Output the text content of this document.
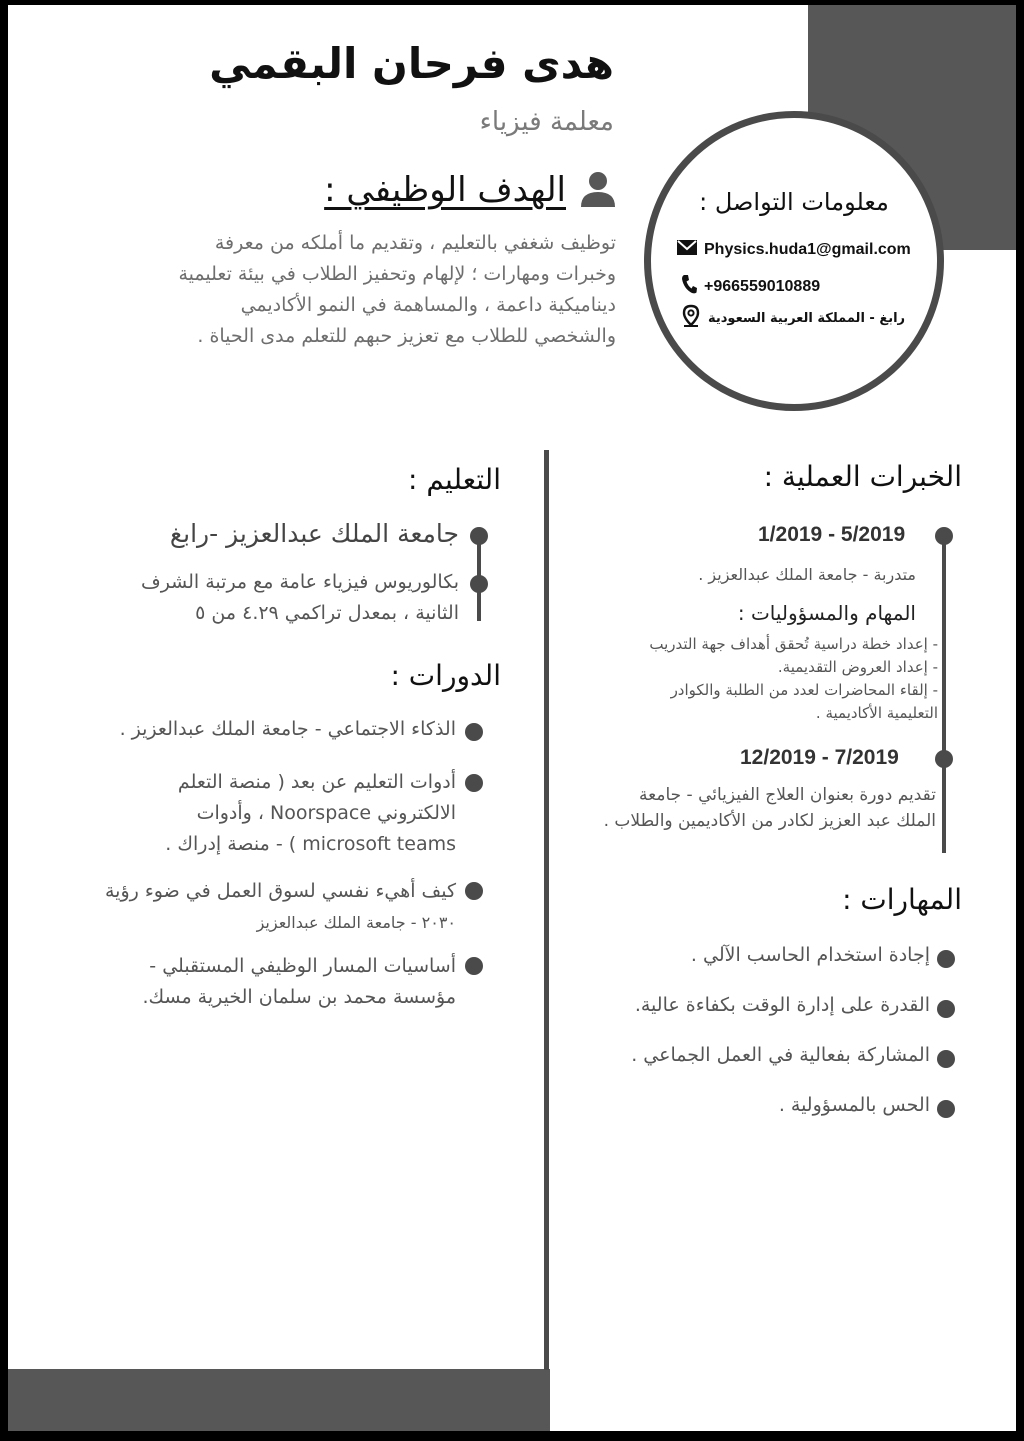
هدى فرحان البقمي
معلمة فيزياء
الهدف الوظيفي :
توظيف شغفي بالتعليم ، وتقديم ما أملكه من معرفة
وخبرات ومهارات ؛ لإلهام وتحفيز الطلاب في بيئة تعليمية
ديناميكية داعمة ، والمساهمة في النمو الأكاديمي
والشخصي للطلاب مع تعزيز حبهم للتعلم مدى الحياة .
معلومات التواصل :
Physics.huda1@gmail.com
+966559010889
رابغ - المملكة العربية السعودية
الخبرات العملية :
1/2019 - 5/2019
متدربة - جامعة الملك عبدالعزيز .
المهام والمسؤوليات :
- إعداد خطة دراسية تُحقق أهداف جهة التدريب
- إعداد العروض التقديمية.
- إلقاء المحاضرات لعدد من الطلبة والكوادر
التعليمية الأكاديمية .
12/2019 - 7/2019
تقديم دورة بعنوان العلاج الفيزيائي - جامعة
الملك عبد العزيز لكادر من الأكاديمين والطلاب .
المهارات :
إجادة استخدام الحاسب الآلي .
القدرة على إدارة الوقت بكفاءة عالية.
المشاركة بفعالية في العمل الجماعي .
الحس بالمسؤولية .
التعليم :
جامعة الملك عبدالعزيز -رابغ
بكالوريوس فيزياء عامة مع مرتبة الشرف
الثانية ، بمعدل تراكمي ٤.٢٩ من ٥
الدورات :
الذكاء الاجتماعي - جامعة الملك عبدالعزيز .
أدوات التعليم عن بعد ( منصة التعلم
الالكتروني Noorspace ، وأدوات
microsoft teams ) - منصة إدراك .
كيف أهيء نفسي لسوق العمل في ضوء رؤية
٢٠٣٠ - جامعة الملك عبدالعزيز
أساسيات المسار الوظيفي المستقبلي -
مؤسسة محمد بن سلمان الخيرية مسك.
